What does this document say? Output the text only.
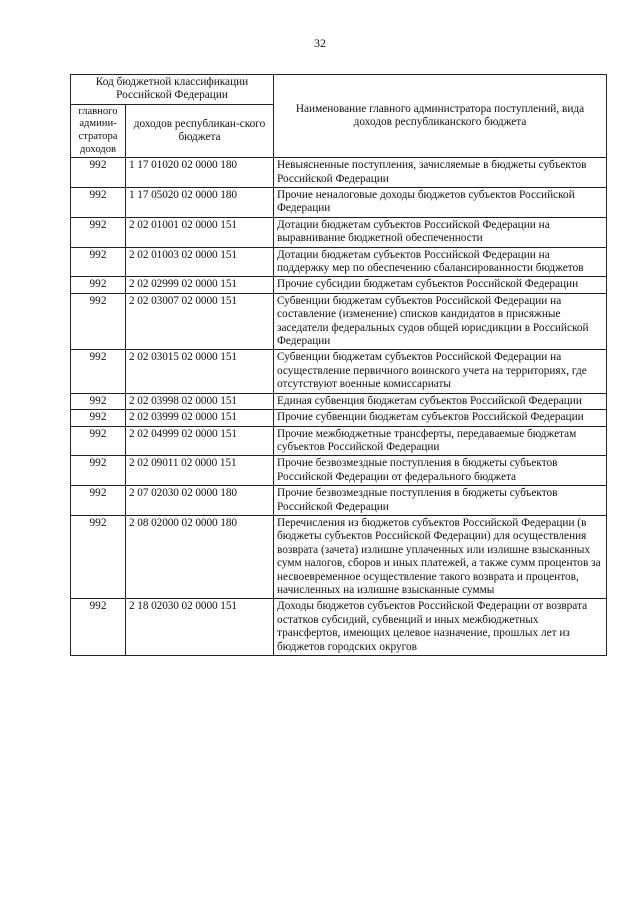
32
Код бюджетной классификации Российской Федерации		Наименование главного администратора поступлений, вида доходов республиканского бюджета
главного админи-стратора доходов	доходов республикан-ского бюджета	
992	1 17 01020 02 0000 180	Невыясненные поступления, зачисляемые в бюджеты субъектов Российской Федерации
992	1 17 05020 02 0000 180	Прочие неналоговые доходы бюджетов субъектов Российской Федерации
992	2 02 01001 02 0000 151	Дотации бюджетам субъектов Российской Федерации на выравнивание бюджетной обеспеченности
992	2 02 01003 02 0000 151	Дотации бюджетам субъектов Российской Федерации на поддержку мер по обеспечению сбалансированности бюджетов
992	2 02 02999 02 0000 151	Прочие субсидии бюджетам субъектов Российской Федерации
992	2 02 03007 02 0000 151	Субвенции бюджетам субъектов Российской Федерации на составление (изменение) списков кандидатов в присяжные заседатели федеральных судов общей юрисдикции в Российской Федерации
992	2 02 03015 02 0000 151	Субвенции бюджетам субъектов Российской Федерации на осуществление первичного воинского учета на территориях, где отсутствуют военные комиссариаты
992	2 02 03998 02 0000 151	Единая субвенция бюджетам субъектов Российской Федерации
992	2 02 03999 02 0000 151	Прочие субвенции бюджетам субъектов Российской Федерации
992	2 02 04999 02 0000 151	Прочие межбюджетные трансферты, передаваемые бюджетам субъектов Российской Федерации
992	2 02 09011 02 0000 151	Прочие безвозмездные поступления в бюджеты субъектов Российской Федерации от федерального бюджета
992	2 07 02030 02 0000 180	Прочие безвозмездные поступления в бюджеты субъектов Российской Федерации
992	2 08 02000 02 0000 180	Перечисления из бюджетов субъектов Российской Федерации (в бюджеты субъектов Российской Федерации) для осуществления возврата (зачета) излишне уплаченных или излишне взысканных сумм налогов, сборов и иных платежей, а также сумм процентов за несвоевременное осуществление такого возврата и процентов, начисленных на излишне взысканные суммы
992	2 18 02030 02 0000 151	Доходы бюджетов субъектов Российской Федерации от возврата остатков субсидий, субвенций и иных межбюджетных трансфертов, имеющих целевое назначение, прошлых лет из бюджетов городских округов
